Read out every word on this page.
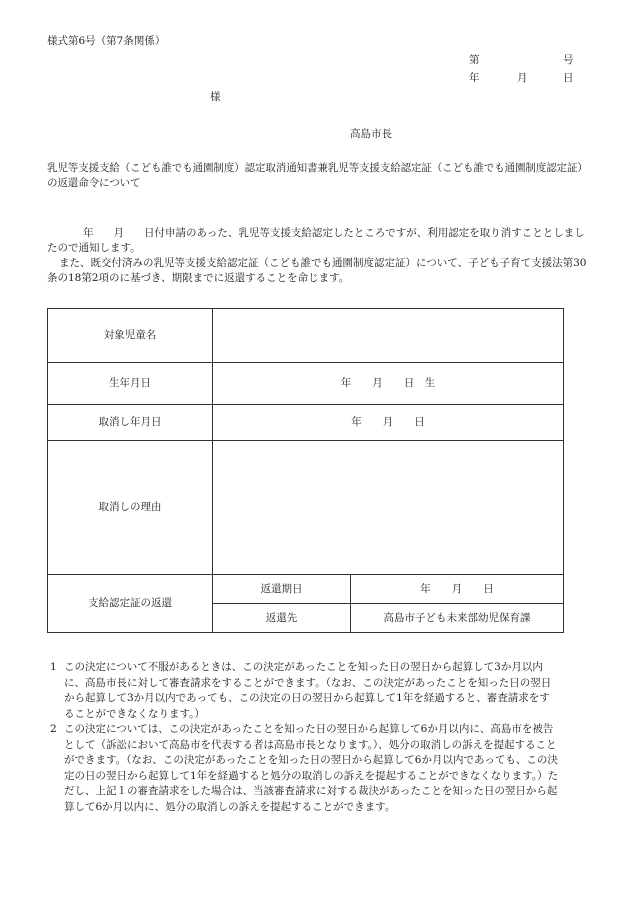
様式第6号（第7条関係）
第	号
年	月	日
様
高島市長
乳児等支援支給（こども誰でも通園制度）認定取消通知書兼乳児等支援支給認定証（こども誰でも通園制度認定証）の返還命令について

年 月 日付申請のあった、乳児等支援支給認定したところですが、利用認定を取り消すこととしましたので通知します。

また、既交付済みの乳児等支援支給認定証（こども誰でも通園制度認定証）について、子ども子育て支援法第30条の18第2項のに基づき、期限までに返還することを命じます。

対象児童名		
生年月日	年　　月　　日　生	
取消し年月日	年　　月　　日	
取消しの理由		
支給認定証の返還	返還期日	年　　月　　日
	返還先	高島市子ども未来部幼児保育課

1 この決定について不服があるときは、この決定があったことを知った日の翌日から起算して3か月以内に、高島市長に対して審査請求をすることができます。（なお、この決定があったことを知った日の翌日から起算して3か月以内であっても、この決定の日の翌日から起算して1年を経過すると、審査請求をすることができなくなります。）

2 この決定については、この決定があったことを知った日の翌日から起算して6か月以内に、高島市を被告として（訴訟において高島市を代表する者は高島市長となります。）、処分の取消しの訴えを提起することができます。（なお、この決定があったことを知った日の翌日から起算して6か月以内であっても、この決定の日の翌日から起算して1年を経過すると処分の取消しの訴えを提起することができなくなります。）ただし、上記１の審査請求をした場合は、当該審査請求に対する裁決があったことを知った日の翌日から起算して6か月以内に、処分の取消しの訴えを提起することができます。
